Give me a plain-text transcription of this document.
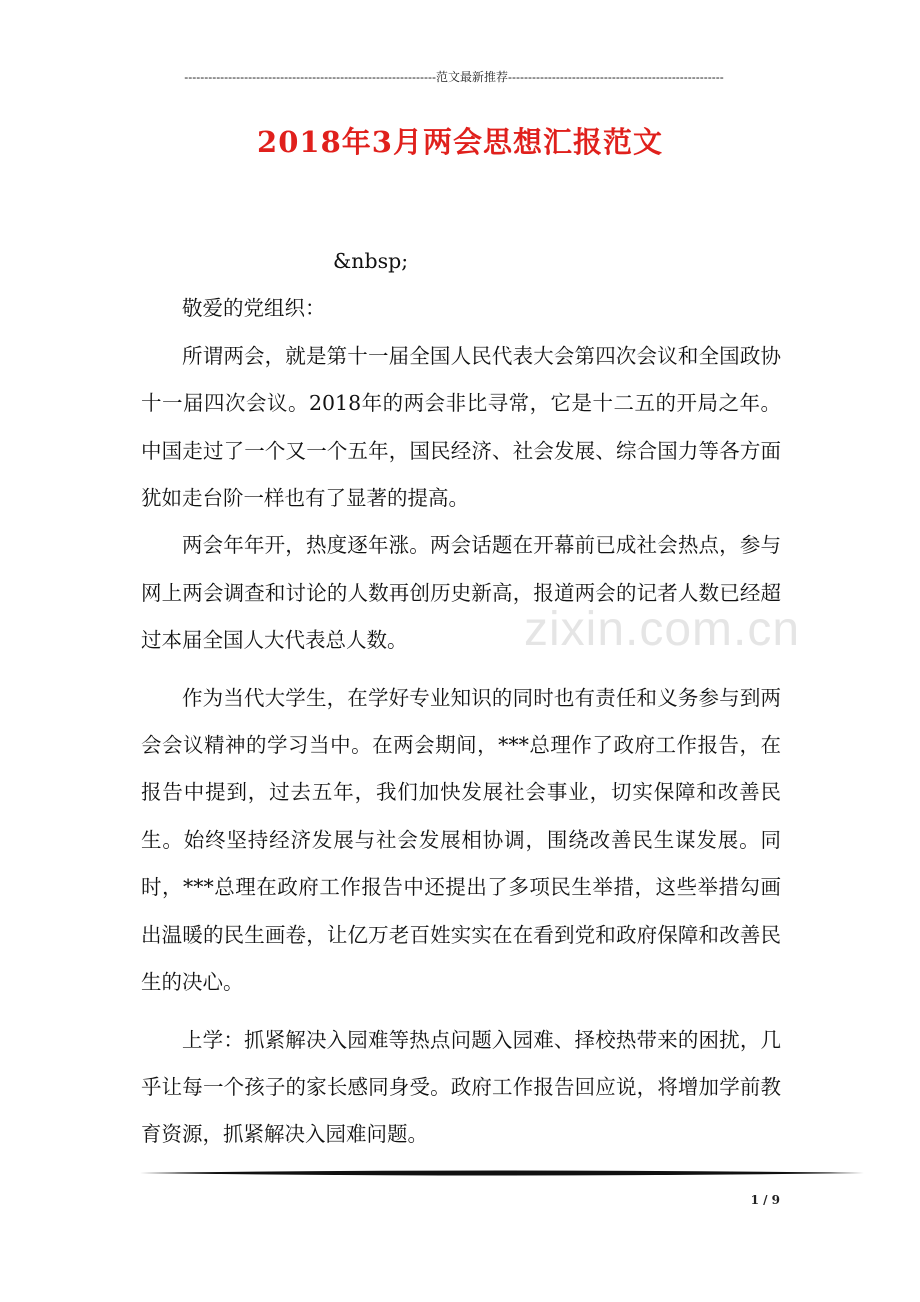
---------------------------------------------------------------范文最新推荐------------------------------------------------------
2018年3月两会思想汇报范文

&nbsp;

敬爱的党组织：

所谓两会，就是第十一届全国人民代表大会第四次会议和全国政协十一届四次会议。2018年的两会非比寻常，它是十二五的开局之年。中国走过了一个又一个五年，国民经济、社会发展、综合国力等各方面犹如走台阶一样也有了显著的提高。

两会年年开，热度逐年涨。两会话题在开幕前已成社会热点，参与网上两会调查和讨论的人数再创历史新高，报道两会的记者人数已经超过本届全国人大代表总人数。

作为当代大学生，在学好专业知识的同时也有责任和义务参与到两会会议精神的学习当中。在两会期间，***总理作了政府工作报告，在报告中提到，过去五年，我们加快发展社会事业，切实保障和改善民生。始终坚持经济发展与社会发展相协调，围绕改善民生谋发展。同时，***总理在政府工作报告中还提出了多项民生举措，这些举措勾画出温暖的民生画卷，让亿万老百姓实实在在看到党和政府保障和改善民生的决心。

上学：抓紧解决入园难等热点问题入园难、择校热带来的困扰，几乎让每一个孩子的家长感同身受。政府工作报告回应说，将增加学前教育资源，抓紧解决入园难问题。

zixin.com.cn
1 / 9
